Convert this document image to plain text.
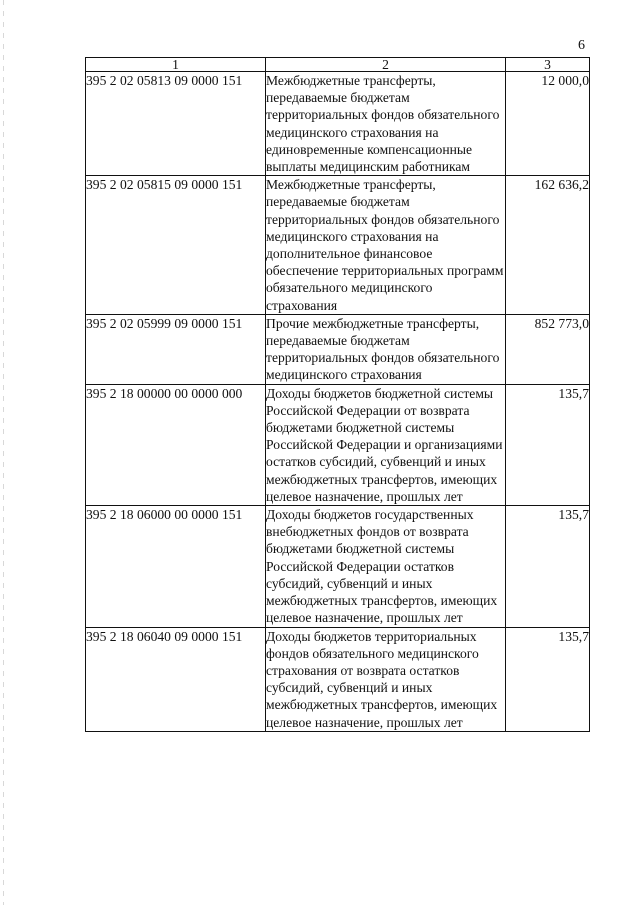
6
1	2	3
395 2 02 05813 09 0000 151	Межбюджетные трансферты, передаваемые бюджетам территориальных фондов обязательного медицинского страхования на единовременные компенсационные выплаты медицинским работникам	12 000,0
395 2 02 05815 09 0000 151	Межбюджетные трансферты, передаваемые бюджетам территориальных фондов обязательного медицинского страхования на дополнительное финансовое обеспечение территориальных программ обязательного медицинского страхования	162 636,2
395 2 02 05999 09 0000 151	Прочие межбюджетные трансферты, передаваемые бюджетам территориальных фондов обязательного медицинского страхования	852 773,0
395 2 18 00000 00 0000 000	Доходы бюджетов бюджетной системы Российской Федерации от возврата бюджетами бюджетной системы Российской Федерации и организациями остатков субсидий, субвенций и иных межбюджетных трансфертов, имеющих целевое назначение, прошлых лет	135,7
395 2 18 06000 00 0000 151	Доходы бюджетов государственных внебюджетных фондов от возврата бюджетами бюджетной системы Российской Федерации остатков субсидий, субвенций и иных межбюджетных трансфертов, имеющих целевое назначение, прошлых лет	135,7
395 2 18 06040 09 0000 151	Доходы бюджетов территориальных фондов обязательного медицинского страхования от возврата остатков субсидий, субвенций и иных межбюджетных трансфертов, имеющих целевое назначение, прошлых лет	135,7
